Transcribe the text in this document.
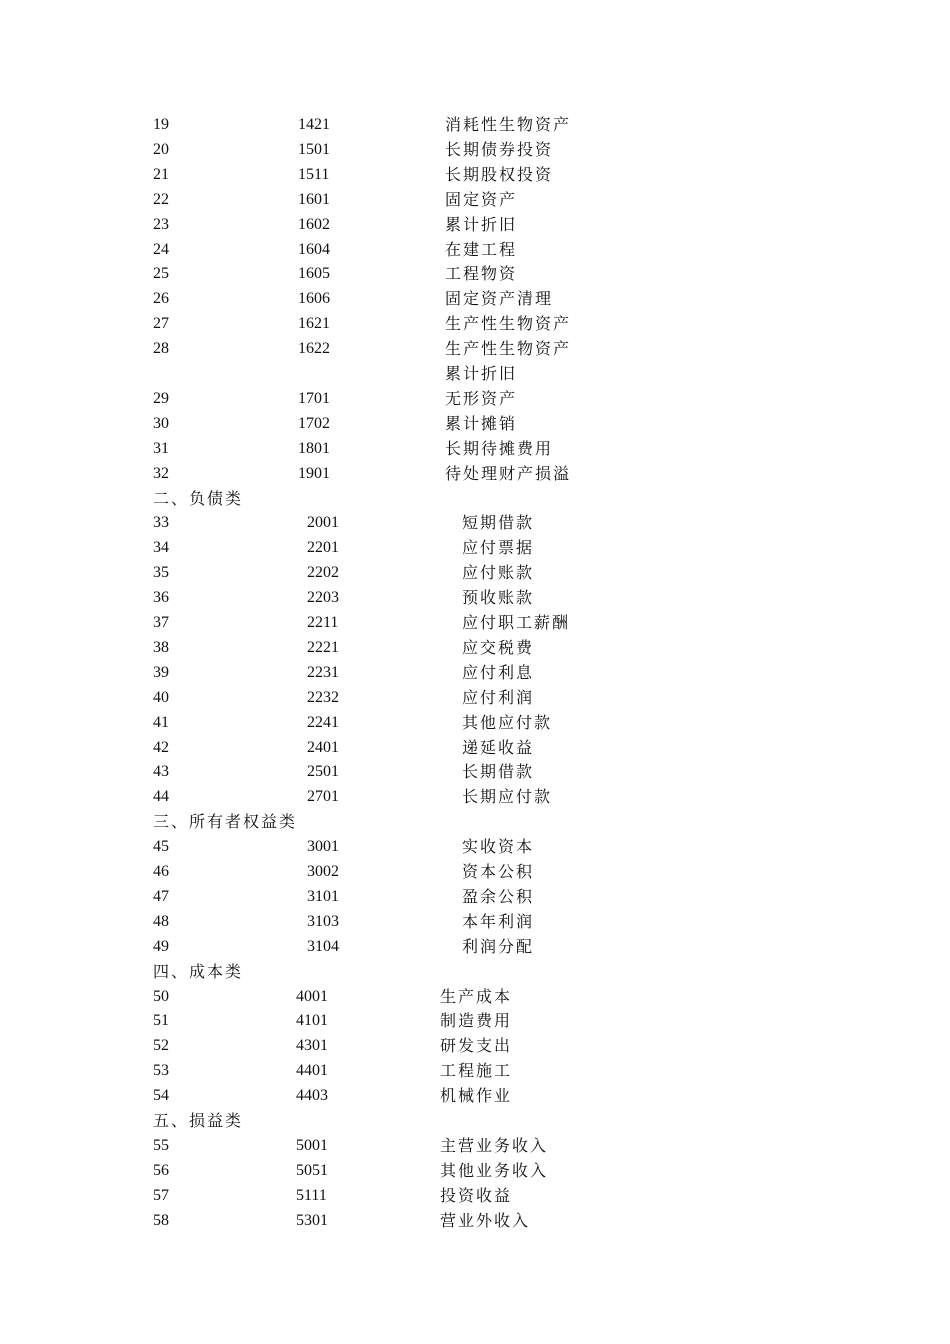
19	1421	消耗性生物资产
20	1501	长期债券投资
21	1511	长期股权投资
22	1601	固定资产
23	1602	累计折旧
24	1604	在建工程
25	1605	工程物资
26	1606	固定资产清理
27	1621	生产性生物资产
28	1622	生产性生物资产
累计折旧
29	1701	无形资产
30	1702	累计摊销
31	1801	长期待摊费用
32	1901	待处理财产损溢
二、负债类
33	2001	短期借款
34	2201	应付票据
35	2202	应付账款
36	2203	预收账款
37	2211	应付职工薪酬
38	2221	应交税费
39	2231	应付利息
40	2232	应付利润
41	2241	其他应付款
42	2401	递延收益
43	2501	长期借款
44	2701	长期应付款
三、所有者权益类
45	3001	实收资本
46	3002	资本公积
47	3101	盈余公积
48	3103	本年利润
49	3104	利润分配
四、成本类
50	4001	生产成本
51	4101	制造费用
52	4301	研发支出
53	4401	工程施工
54	4403	机械作业
五、损益类
55	5001	主营业务收入
56	5051	其他业务收入
57	5111	投资收益
58	5301	营业外收入
